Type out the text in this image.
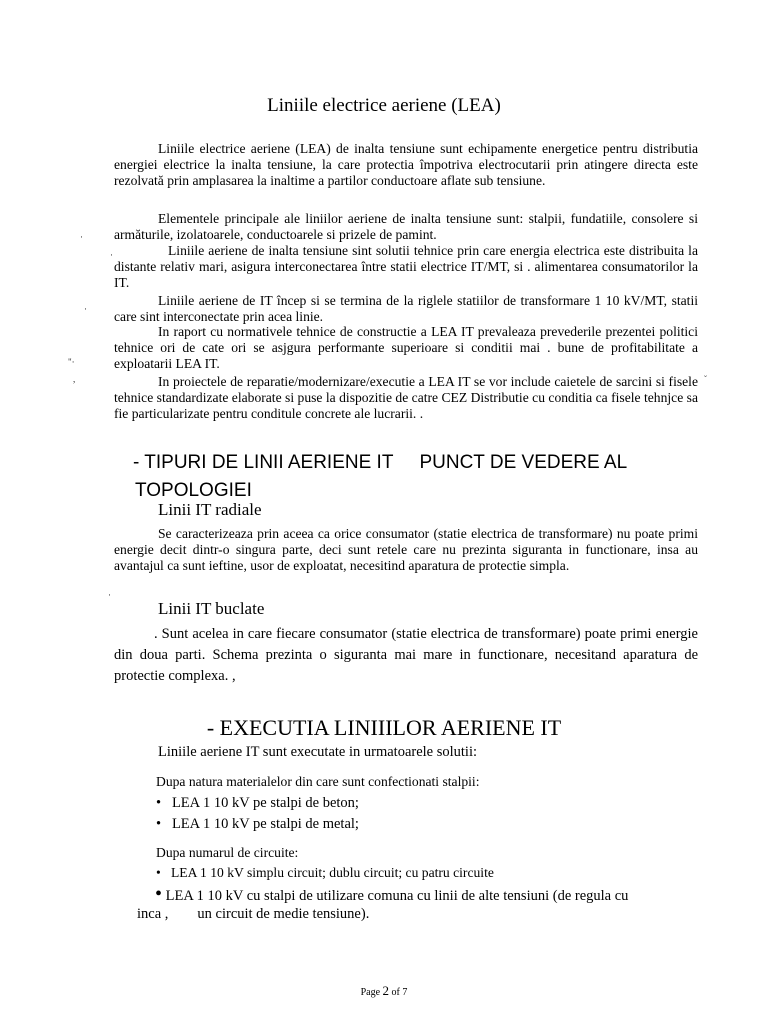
Liniile electrice aeriene (LEA)
Liniile electrice aeriene (LEA) de inalta tensiune sunt echipamente energetice pentru distributia energiei electrice la inalta tensiune, la care protectia împotriva electrocutarii prin atingere directa este rezolvată prin amplasarea la inaltime a partilor conductoare aflate sub tensiune.
Elementele principale ale liniilor aeriene de inalta tensiune sunt: stalpii, fundatiile, consolere si armăturile, izolatoarele, conductoarele si prizele de pamint.
Liniile aeriene de inalta tensiune sint solutii tehnice prin care energia electrica este distribuita la distante relativ mari, asigura interconectarea între statii electrice IT/MT, si . alimentarea consumatorilor la IT.
Liniile aeriene de IT încep si se termina de la riglele statiilor de transformare 1 10 kV/MT, statii care sint interconectate prin acea linie.
In raport cu normativele tehnice de constructie a LEA IT prevaleaza prevederile prezentei politici tehnice ori de cate ori se asjgura performante superioare si conditii mai . bune de profitabilitate a exploatarii LEA IT.
In proiectele de reparatie/modernizare/executie a LEA IT se vor include caietele de sarcini si fisele tehnice standardizate elaborate si puse la dispozitie de catre CEZ Distributie cu conditia ca fisele tehnjce sa fie particularizate pentru conditule concrete ale lucrarii. .
·
·
·
"·
,	˘
·
- TIPURI DE LINII AERIENE IT     PUNCT DE VEDERE AL
TOPOLOGIEI
Linii IT radiale
Se caracterizeaza prin aceea ca orice consumator (statie electrica de transformare) nu poate primi energie decit dintr-o singura parte, deci sunt retele care nu prezinta siguranta in functionare, insa au avantajul ca sunt ieftine, usor de exploatat, necesitind aparatura de protectie simpla.
Linii IT buclate
. Sunt acelea in care fiecare consumator (statie electrica de transformare) poate primi energie din doua parti. Schema prezinta o siguranta mai mare in functionare, necesitand aparatura de protectie complexa. ,
- EXECUTIA LINIIILOR AERIENE IT
Liniile aeriene IT sunt executate in urmatoarele solutii:
Dupa natura materialelor din care sunt confectionati stalpii:
• LEA 1 10 kV pe stalpi de beton;
• LEA 1 10 kV pe stalpi de metal;
Dupa numarul de circuite:
• LEA 1 10 kV simplu circuit; dublu circuit; cu patru circuite
• LEA 1 10 kV cu stalpi de utilizare comuna cu linii de alte tensiuni (de regula cu
inca ,        un circuit de medie tensiune).
Page 2 of 7
